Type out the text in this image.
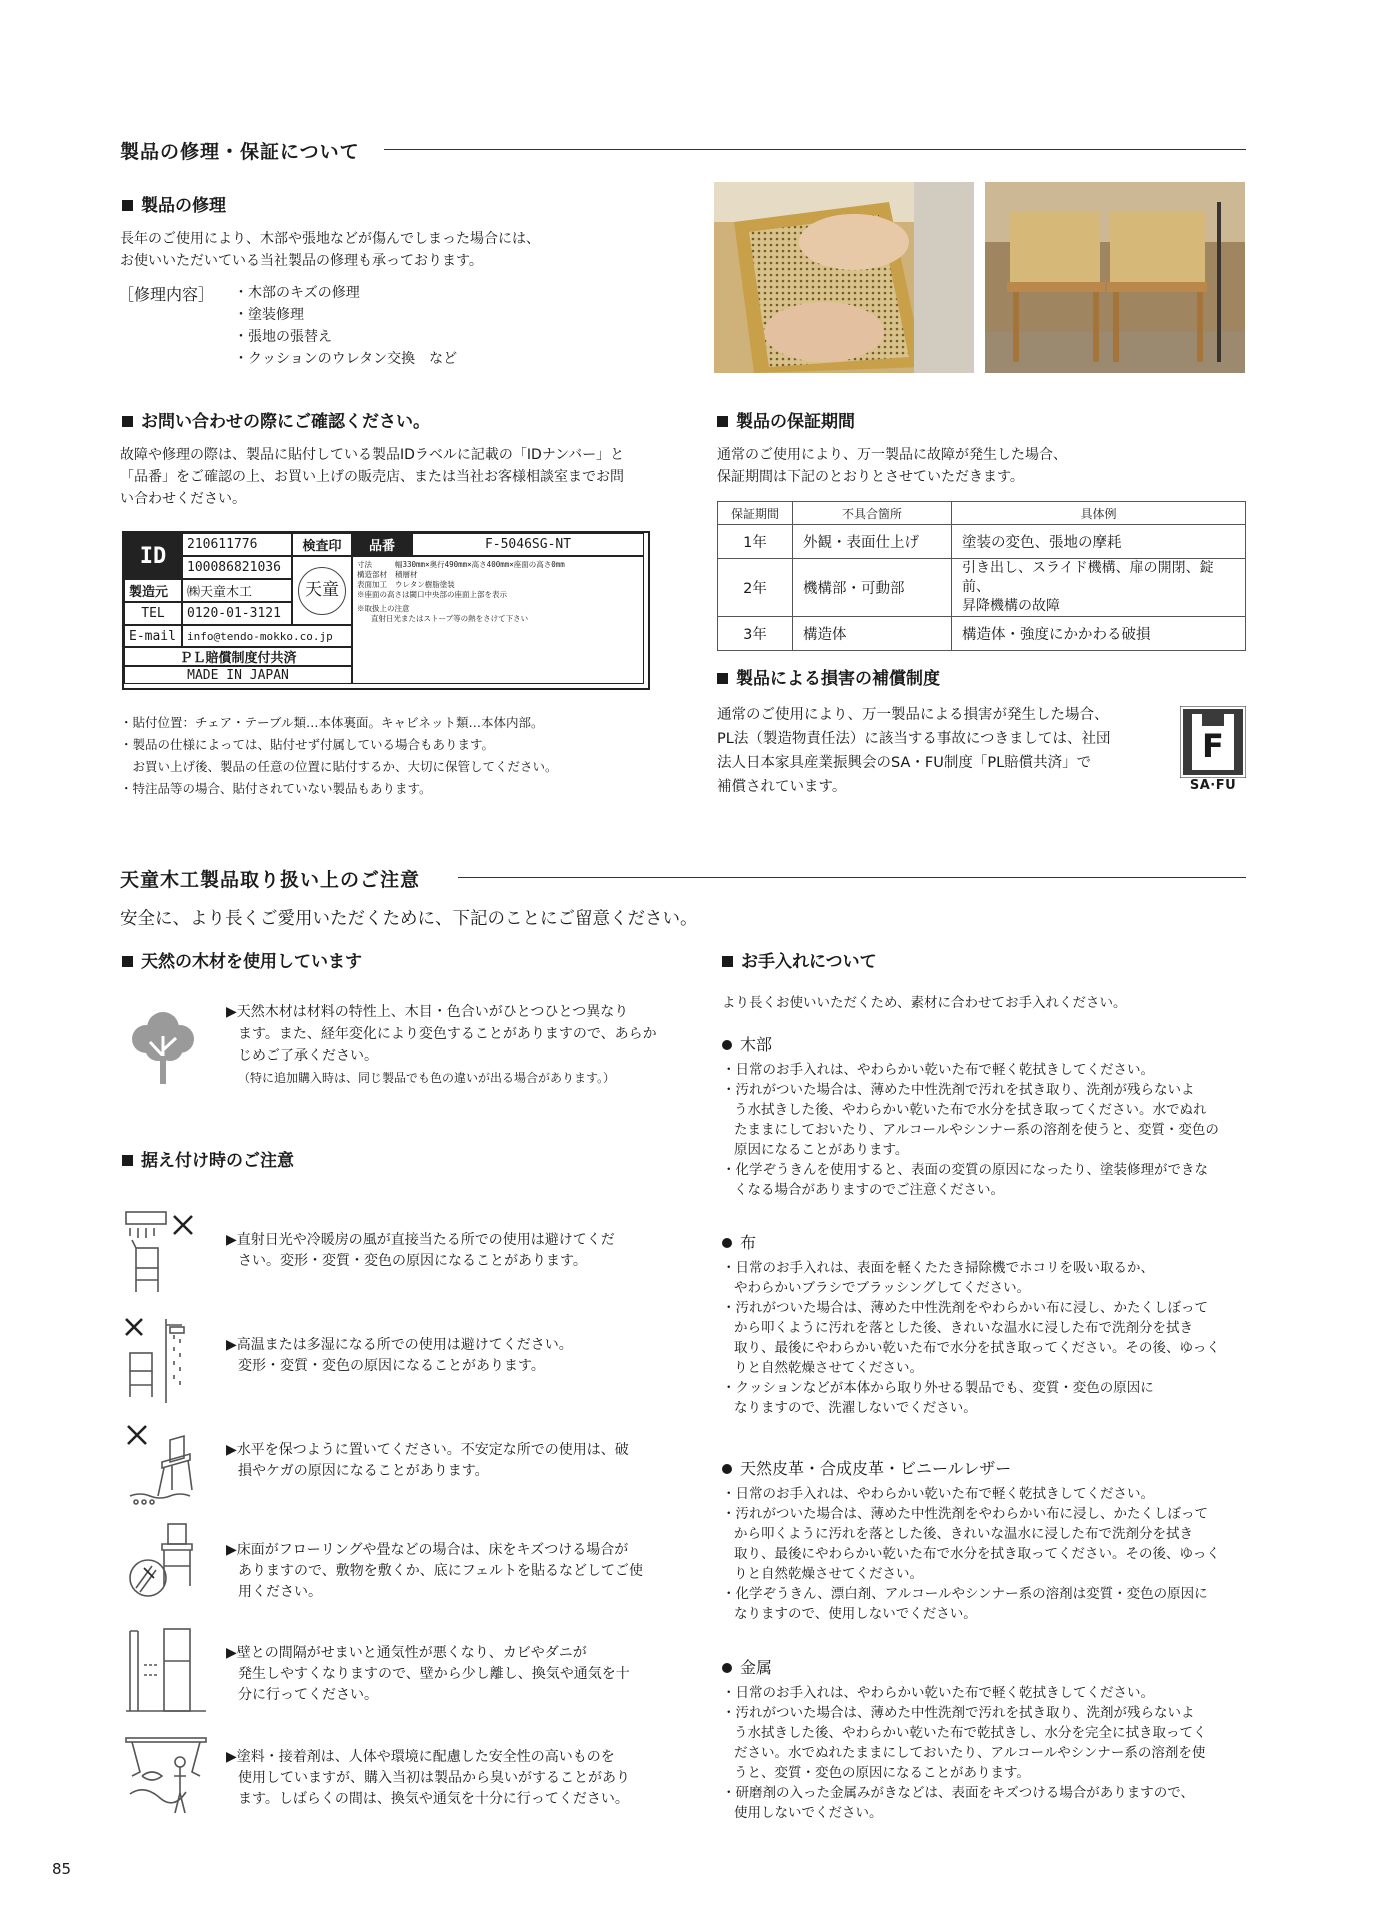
製品の修理・保証について
製品の修理
長年のご使用により、木部や張地などが傷んでしまった場合には、
お使いいただいている当社製品の修理も承っております。
［修理内容］ ・木部のキズの修理
・塗装修理
・張地の張替え
・クッションのウレタン交換　など
お問い合わせの際にご確認ください。
故障や修理の際は、製品に貼付している製品IDラベルに記載の「IDナンバー」と
「品番」をご確認の上、お買い上げの販売店、または当社お客様相談室までお問
い合わせください。
ID	210611776
100086821036
検査印
天童
品番	F-5046SG-NT
寸法	幅330mm×奥行490mm×高さ400mm×座面の高さ0mm
構造部材 積層材
表面加工 ウレタン樹脂塗装
※座面の高さは閾口中央部の座面上部を表示
※取扱上の注意
直射日光またはストーブ等の熱をさけて下さい
製造元	㈱天童木工
TEL	0120-01-3121
E-mail	info@tendo-mokko.co.jp
ＰＬ賠償制度付共済
MADE IN JAPAN
・貼付位置：チェア・テーブル類…本体裏面。キャビネット類…本体内部。
・製品の仕様によっては、貼付せず付属している場合もあります。
　お買い上げ後、製品の任意の位置に貼付するか、大切に保管してください。
・特注品等の場合、貼付されていない製品もあります。
製品の保証期間
通常のご使用により、万一製品に故障が発生した場合、
保証期間は下記のとおりとさせていただきます。
保証期間	不具合箇所	具体例
1年	外観・表面仕上げ	塗装の変色、張地の摩耗
2年	機構部・可動部	引き出し、スライド機構、扉の開閉、錠前、
昇降機構の故障

3年	構造体	構造体・強度にかかわる破損
製品による損害の補償制度
通常のご使用により、万一製品による損害が発生した場合、
PL法（製造物責任法）に該当する事故につきましては、社団
法人日本家具産業振興会のSA・FU制度「PL賠償共済」で
補償されています。
F
SA·FU
天童木工製品取り扱い上のご注意
安全に、より長くご愛用いただくために、下記のことにご留意ください。
天然の木材を使用しています
▶天然木材は材料の特性上、木目・色合いがひとつひとつ異なり
ます。また、経年変化により変色することがありますので、あらか
じめご了承ください。
（特に追加購入時は、同じ製品でも色の違いが出る場合があります。）
据え付け時のご注意
▶直射日光や冷暖房の風が直接当たる所での使用は避けてくだ
さい。変形・変質・変色の原因になることがあります。
▶高温または多湿になる所での使用は避けてください。
変形・変質・変色の原因になることがあります。
▶水平を保つように置いてください。不安定な所での使用は、破
損やケガの原因になることがあります。
▶床面がフローリングや畳などの場合は、床をキズつける場合が
ありますので、敷物を敷くか、底にフェルトを貼るなどしてご使
用ください。
▶壁との間隔がせまいと通気性が悪くなり、カビやダニが
発生しやすくなりますので、壁から少し離し、換気や通気を十
分に行ってください。
▶塗料・接着剤は、人体や環境に配慮した安全性の高いものを
使用していますが、購入当初は製品から臭いがすることがあり
ます。しばらくの間は、換気や通気を十分に行ってください。
お手入れについて
より長くお使いいただくため、素材に合わせてお手入れください。
木部

・日常のお手入れは、やわらかい乾いた布で軽く乾拭きしてください。

・汚れがついた場合は、薄めた中性洗剤で汚れを拭き取り、洗剤が残らないよ
う水拭きした後、やわらかい乾いた布で水分を拭き取ってください。水でぬれ
たままにしておいたり、アルコールやシンナー系の溶剤を使うと、変質・変色の
原因になることがあります。

・化学ぞうきんを使用すると、表面の変質の原因になったり、塗装修理ができな
くなる場合がありますのでご注意ください。

布

・日常のお手入れは、表面を軽くたたき掃除機でホコリを吸い取るか、
やわらかいブラシでブラッシングしてください。

・汚れがついた場合は、薄めた中性洗剤をやわらかい布に浸し、かたくしぼって
から叩くように汚れを落とした後、きれいな温水に浸した布で洗剤分を拭き
取り、最後にやわらかい乾いた布で水分を拭き取ってください。その後、ゆっく
りと自然乾燥させてください。

・クッションなどが本体から取り外せる製品でも、変質・変色の原因に
なりますので、洗濯しないでください。

天然皮革・合成皮革・ビニールレザー

・日常のお手入れは、やわらかい乾いた布で軽く乾拭きしてください。

・汚れがついた場合は、薄めた中性洗剤をやわらかい布に浸し、かたくしぼって
から叩くように汚れを落とした後、きれいな温水に浸した布で洗剤分を拭き
取り、最後にやわらかい乾いた布で水分を拭き取ってください。その後、ゆっく
りと自然乾燥させてください。

・化学ぞうきん、漂白剤、アルコールやシンナー系の溶剤は変質・変色の原因に
なりますので、使用しないでください。

金属

・日常のお手入れは、やわらかい乾いた布で軽く乾拭きしてください。

・汚れがついた場合は、薄めた中性洗剤で汚れを拭き取り、洗剤が残らないよ
う水拭きした後、やわらかい乾いた布で乾拭きし、水分を完全に拭き取ってく
ださい。水でぬれたままにしておいたり、アルコールやシンナー系の溶剤を使
うと、変質・変色の原因になることがあります。

・研磨剤の入った金属みがきなどは、表面をキズつける場合がありますので、
使用しないでください。

85
